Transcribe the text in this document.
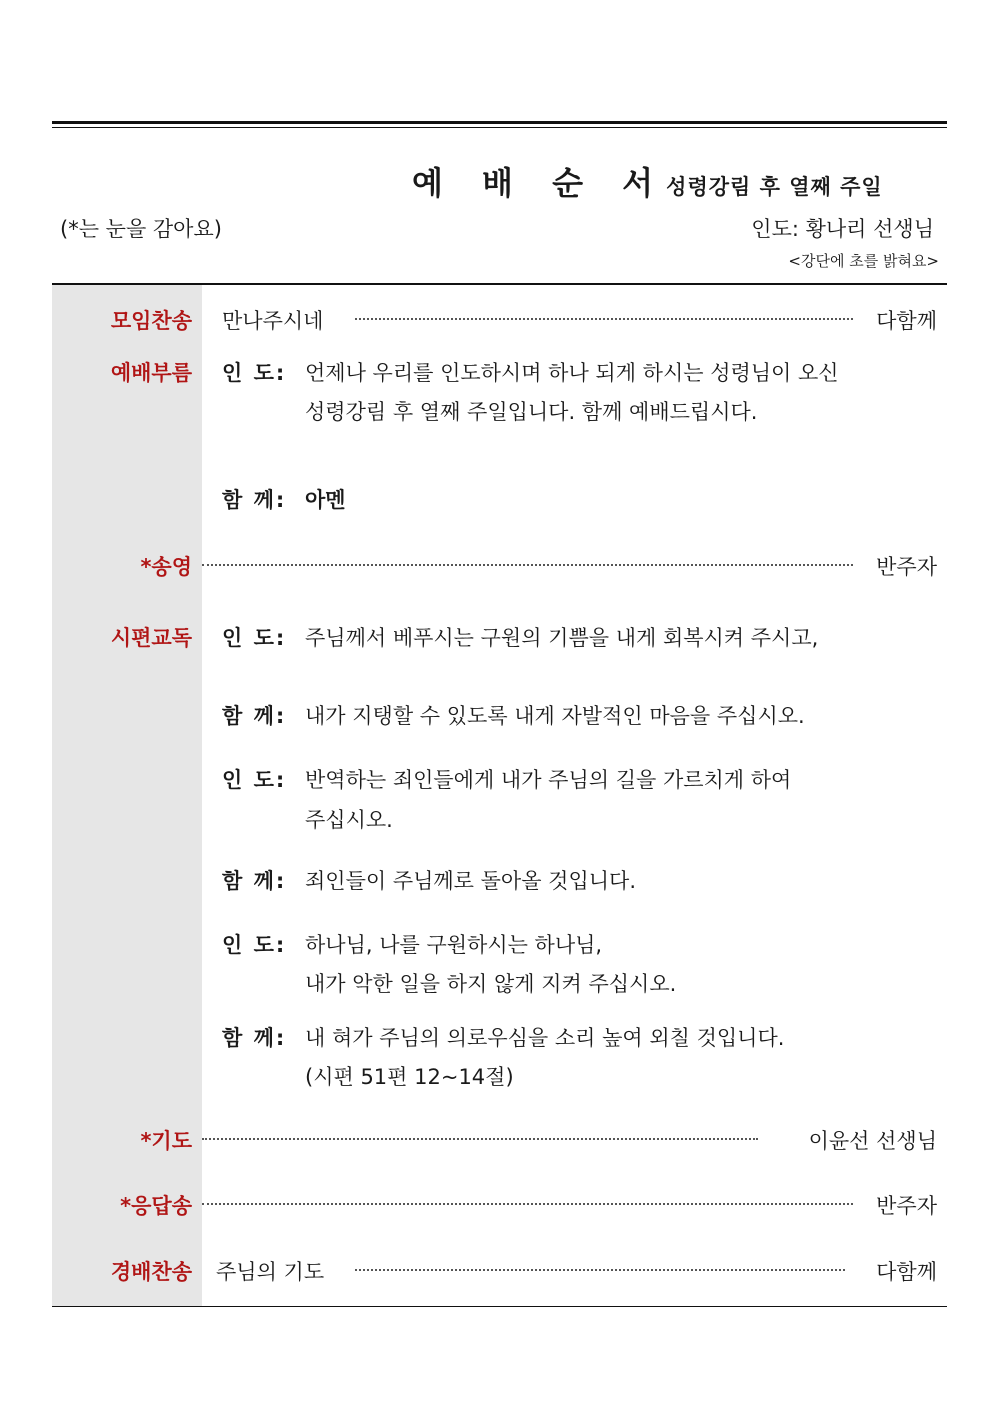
예 배 순 서 성령강림 후 열째 주일
(*는 눈을 감아요)	인도: 황나리 선생님
<강단에 초를 밝혀요>
모임찬송 만나주시네	다함께
예배부름 인 도: 언제나 우리를 인도하시며 하나 되게 하시는 성령님이 오신
성령강림 후 열째 주일입니다. 함께 예배드립시다.
함 께: 아멘
*송영	반주자
시편교독 인 도: 주님께서 베푸시는 구원의 기쁨을 내게 회복시켜 주시고,
함 께: 내가 지탱할 수 있도록 내게 자발적인 마음을 주십시오.
인 도: 반역하는 죄인들에게 내가 주님의 길을 가르치게 하여
주십시오.
함 께: 죄인들이 주님께로 돌아올 것입니다.
인 도: 하나님, 나를 구원하시는 하나님,
내가 악한 일을 하지 않게 지켜 주십시오.
함 께: 내 혀가 주님의 의로우심을 소리 높여 외칠 것입니다.
(시편 51편 12~14절)
*기도	이윤선 선생님
*응답송	반주자
경배찬송 주님의 기도	다함께
